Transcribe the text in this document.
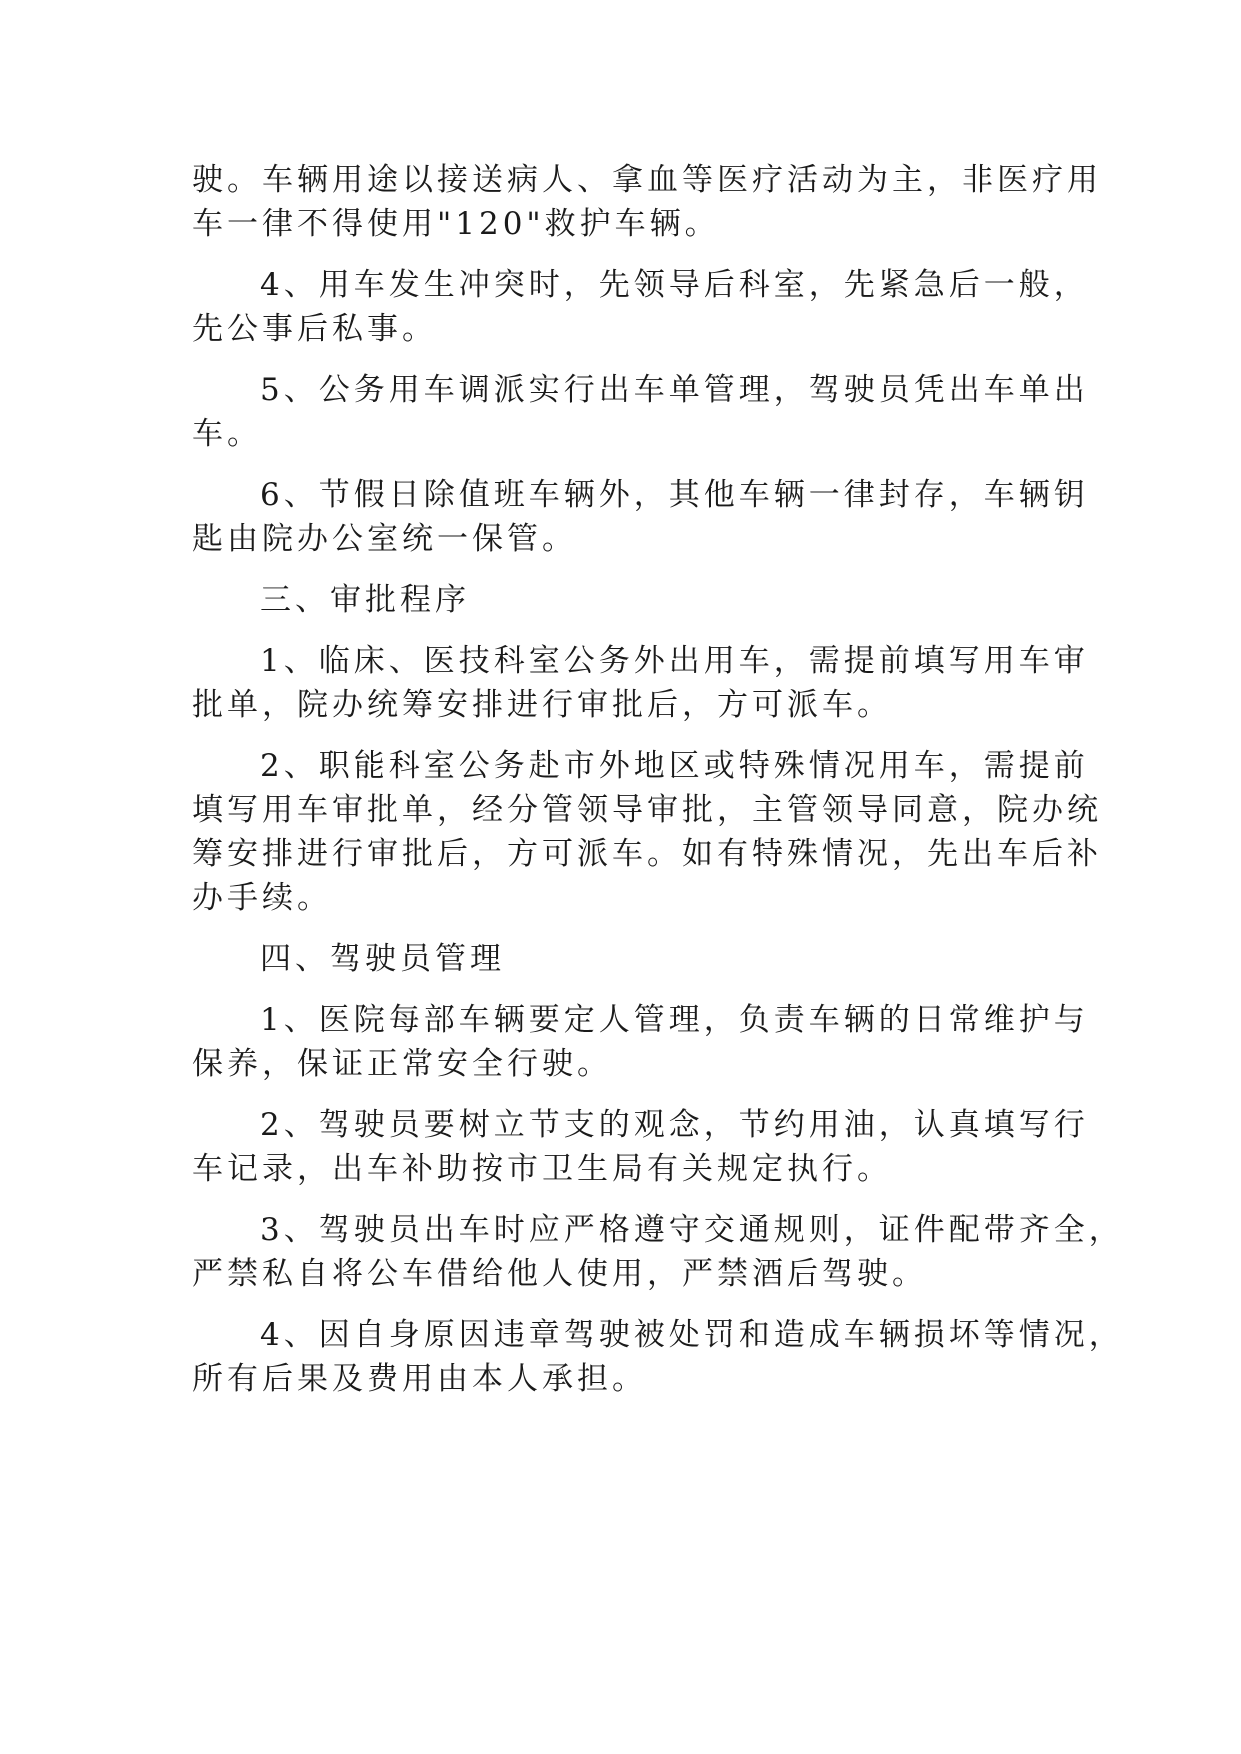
驶。车辆用途以接送病人、拿血等医疗活动为主，非医疗用
车一律不得使用"120"救护车辆。

4、用车发生冲突时，先领导后科室，先紧急后一般，
先公事后私事。

5、公务用车调派实行出车单管理，驾驶员凭出车单出
车。

6、节假日除值班车辆外，其他车辆一律封存，车辆钥
匙由院办公室统一保管。

三、审批程序

1、临床、医技科室公务外出用车，需提前填写用车审
批单，院办统筹安排进行审批后，方可派车。

2、职能科室公务赴市外地区或特殊情况用车，需提前
填写用车审批单，经分管领导审批，主管领导同意，院办统
筹安排进行审批后，方可派车。如有特殊情况，先出车后补
办手续。

四、驾驶员管理

1、医院每部车辆要定人管理，负责车辆的日常维护与
保养，保证正常安全行驶。

2、驾驶员要树立节支的观念，节约用油，认真填写行
车记录，出车补助按市卫生局有关规定执行。

3、驾驶员出车时应严格遵守交通规则，证件配带齐全，
严禁私自将公车借给他人使用，严禁酒后驾驶。

4、因自身原因违章驾驶被处罚和造成车辆损坏等情况，
所有后果及费用由本人承担。
